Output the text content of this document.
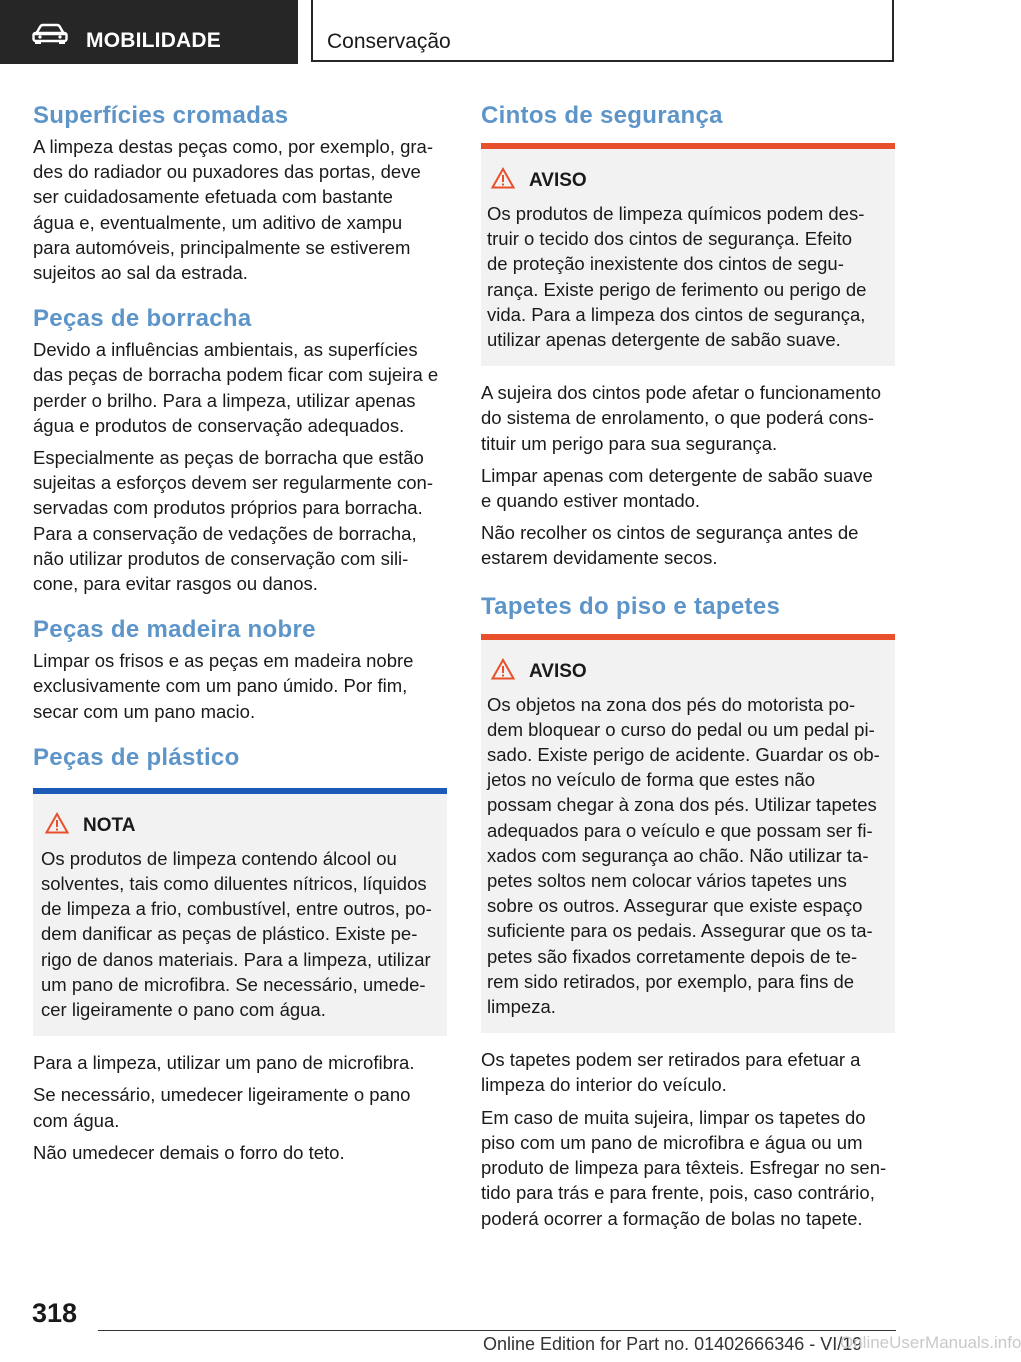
MOBILIDADE	Conservação
Superfícies cromadas

A limpeza destas peças como, por exemplo, gra‐

des do radiador ou puxadores das portas, deve

ser cuidadosamente efetuada com bastante

água e, eventualmente, um aditivo de xampu

para automóveis, principalmente se estiverem

sujeitos ao sal da estrada.

Peças de borracha

Devido a influências ambientais, as superfícies

das peças de borracha podem ficar com sujeira e

perder o brilho. Para a limpeza, utilizar apenas

água e produtos de conservação adequados.

Especialmente as peças de borracha que estão

sujeitas a esforços devem ser regularmente con‐

servadas com produtos próprios para borracha.

Para a conservação de vedações de borracha,

não utilizar produtos de conservação com sili‐

cone, para evitar rasgos ou danos.

Peças de madeira nobre

Limpar os frisos e as peças em madeira nobre

exclusivamente com um pano úmido. Por fim,

secar com um pano macio.

Peças de plástico
NOTA

Os produtos de limpeza contendo álcool ou

solventes, tais como diluentes nítricos, líquidos

de limpeza a frio, combustível, entre outros, po‐

dem danificar as peças de plástico. Existe pe‐

rigo de danos materiais. Para a limpeza, utilizar

um pano de microfibra. Se necessário, umede‐

cer ligeiramente o pano com água.

Para a limpeza, utilizar um pano de microfibra.

Se necessário, umedecer ligeiramente o pano

com água.

Não umedecer demais o forro do teto.

Cintos de segurança
AVISO

Os produtos de limpeza químicos podem des‐

truir o tecido dos cintos de segurança. Efeito

de proteção inexistente dos cintos de segu‐

rança. Existe perigo de ferimento ou perigo de

vida. Para a limpeza dos cintos de segurança,

utilizar apenas detergente de sabão suave.

A sujeira dos cintos pode afetar o funcionamento

do sistema de enrolamento, o que poderá cons‐

tituir um perigo para sua segurança.

Limpar apenas com detergente de sabão suave

e quando estiver montado.

Não recolher os cintos de segurança antes de

estarem devidamente secos.

Tapetes do piso e tapetes
AVISO

Os objetos na zona dos pés do motorista po‐

dem bloquear o curso do pedal ou um pedal pi‐

sado. Existe perigo de acidente. Guardar os ob‐

jetos no veículo de forma que estes não

possam chegar à zona dos pés. Utilizar tapetes

adequados para o veículo e que possam ser fi‐

xados com segurança ao chão. Não utilizar ta‐

petes soltos nem colocar vários tapetes uns

sobre os outros. Assegurar que existe espaço

suficiente para os pedais. Assegurar que os ta‐

petes são fixados corretamente depois de te‐

rem sido retirados, por exemplo, para fins de

limpeza.

Os tapetes podem ser retirados para efetuar a

limpeza do interior do veículo.

Em caso de muita sujeira, limpar os tapetes do

piso com um pano de microfibra e água ou um

produto de limpeza para têxteis. Esfregar no sen‐

tido para trás e para frente, pois, caso contrário,

poderá ocorrer a formação de bolas no tapete.

318
Online Edition for Part no. 01402666346 - VI/19
OnlineUserManuals.info
